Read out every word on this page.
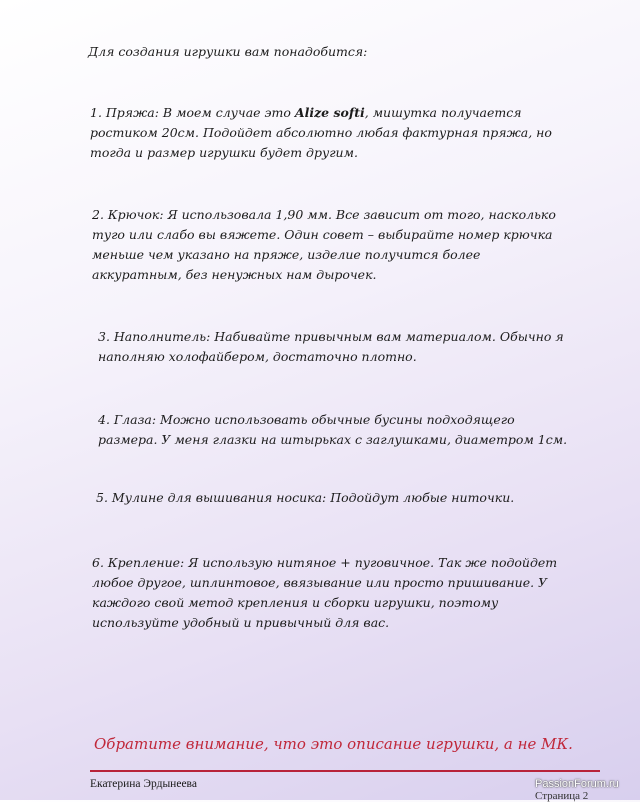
Для создания игрушки вам понадобится:
1. Пряжа: В моем случае это Alize softi, мишутка получается ростиком 20см. Подойдет абсолютно любая фактурная пряжа, но тогда и размер игрушки будет другим.
2. Крючок: Я использовала 1,90 мм. Все зависит от того, насколько туго или слабо вы вяжете. Один совет – выбирайте номер крючка меньше чем указано на пряже, изделие получится более аккуратным, без ненужных нам дырочек.
3. Наполнитель: Набивайте привычным вам материалом. Обычно я наполняю холофайбером, достаточно плотно.
4. Глаза: Можно использовать обычные бусины подходящего размера. У меня глазки на штырьках с заглушками, диаметром 1см.
5. Мулине для вышивания носика: Подойдут любые ниточки.
6. Крепление: Я использую нитяное + пуговичное. Так же подойдет любое другое, шплинтовое, ввязывание или просто пришивание. У каждого свой метод крепления и сборки игрушки, поэтому используйте удобный и привычный для вас.
Обратите внимание, что это описание игрушки, а не МК.
Екатерина Эрдынеева
Страница 2
PassionForum.ru
